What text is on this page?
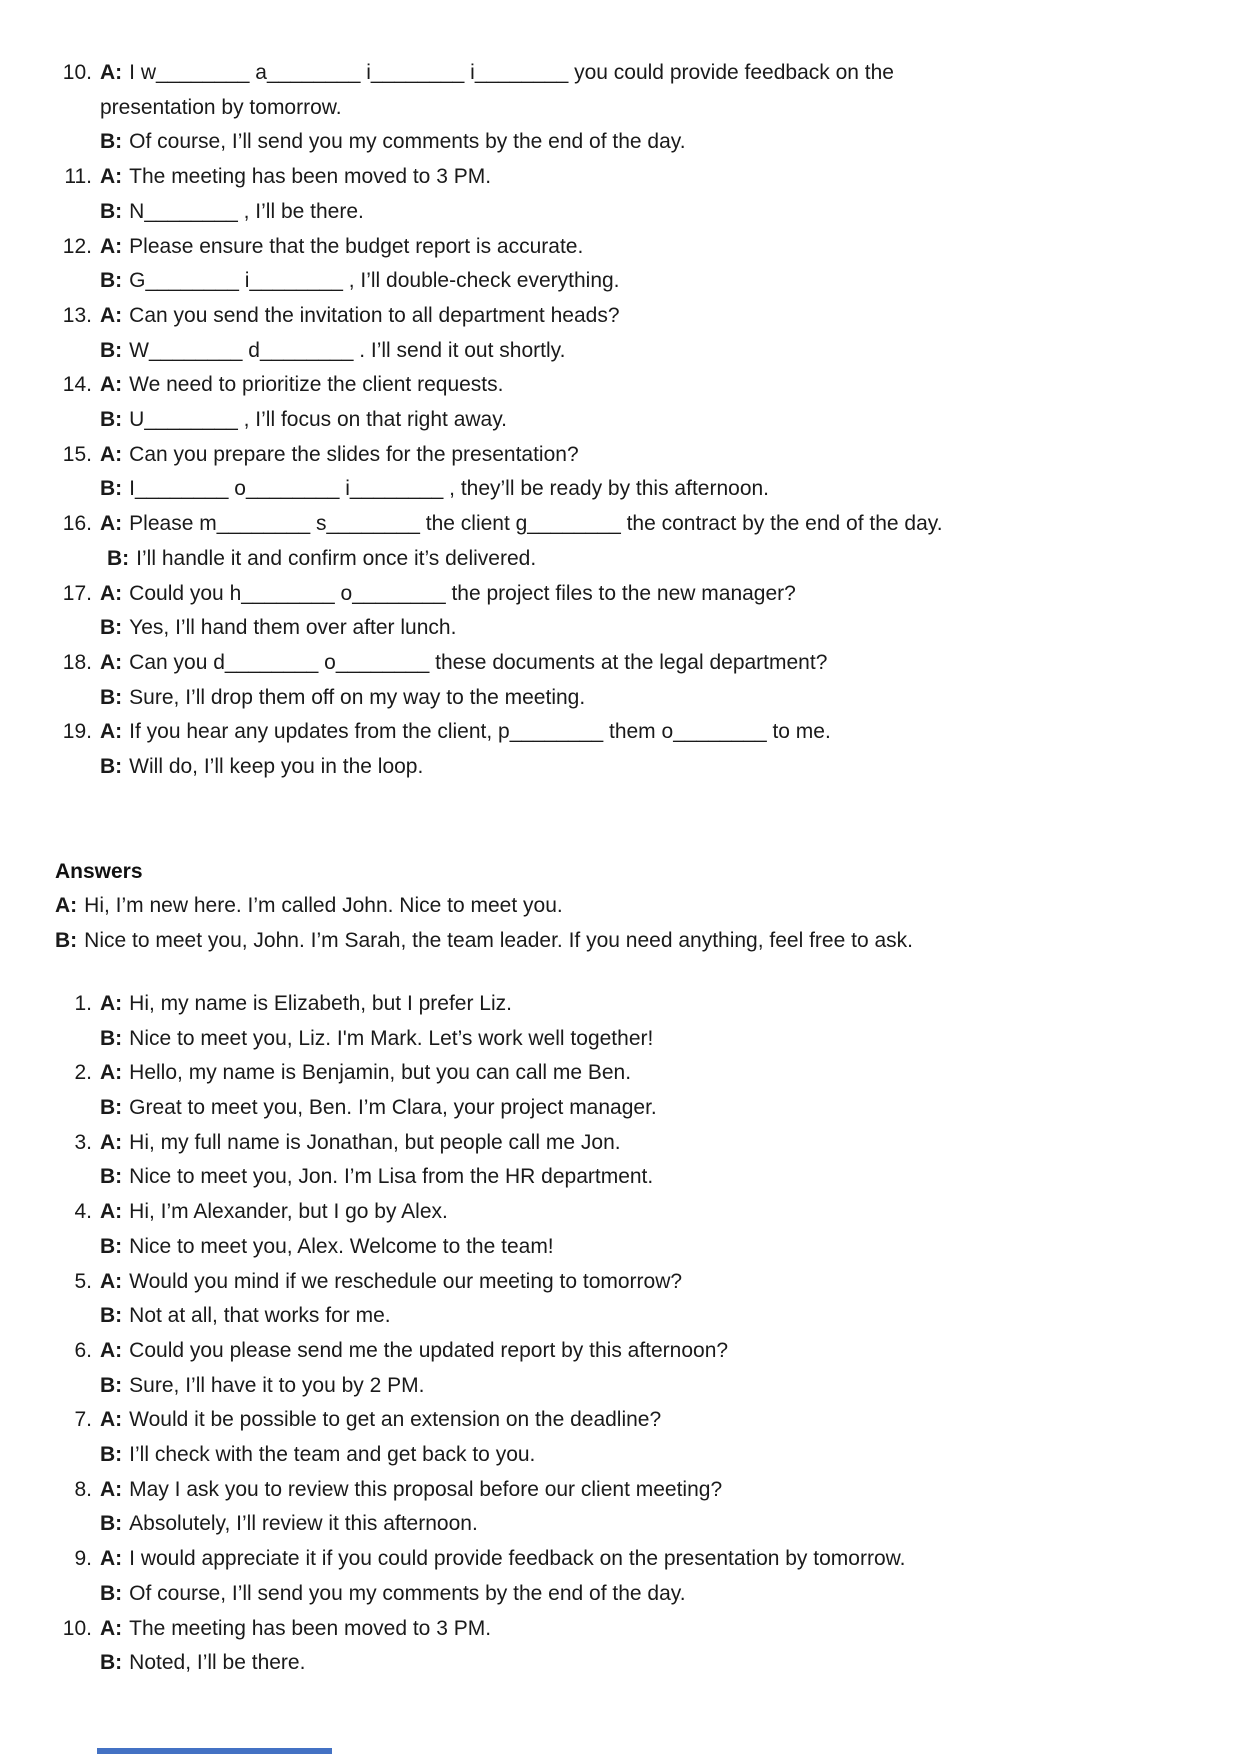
10. A: I w________ a________ i________ i________ you could provide feedback on the
presentation by tomorrow.
B: Of course, I’ll send you my comments by the end of the day.
11. A: The meeting has been moved to 3 PM.
B: N________ , I’ll be there.
12. A: Please ensure that the budget report is accurate.
B: G________ i________ , I’ll double-check everything.
13. A: Can you send the invitation to all department heads?
B: W________ d________ . I’ll send it out shortly.
14. A: We need to prioritize the client requests.
B: U________ , I’ll focus on that right away.
15. A: Can you prepare the slides for the presentation?
B: I________ o________ i________ , they’ll be ready by this afternoon.
16. A: Please m________ s________ the client g________ the contract by the end of the day.
B: I’ll handle it and confirm once it’s delivered.
17. A: Could you h________ o________ the project files to the new manager?
B: Yes, I’ll hand them over after lunch.
18. A: Can you d________ o________ these documents at the legal department?
B: Sure, I’ll drop them off on my way to the meeting.
19. A: If you hear any updates from the client, p________ them o________ to me.
B: Will do, I’ll keep you in the loop.
Answers
A: Hi, I’m new here. I’m called John. Nice to meet you.
B: Nice to meet you, John. I’m Sarah, the team leader. If you need anything, feel free to ask.
1. A: Hi, my name is Elizabeth, but I prefer Liz.
B: Nice to meet you, Liz. I'm Mark. Let’s work well together!
2. A: Hello, my name is Benjamin, but you can call me Ben.
B: Great to meet you, Ben. I’m Clara, your project manager.
3. A: Hi, my full name is Jonathan, but people call me Jon.
B: Nice to meet you, Jon. I’m Lisa from the HR department.
4. A: Hi, I’m Alexander, but I go by Alex.
B: Nice to meet you, Alex. Welcome to the team!
5. A: Would you mind if we reschedule our meeting to tomorrow?
B: Not at all, that works for me.
6. A: Could you please send me the updated report by this afternoon?
B: Sure, I’ll have it to you by 2 PM.
7. A: Would it be possible to get an extension on the deadline?
B: I’ll check with the team and get back to you.
8. A: May I ask you to review this proposal before our client meeting?
B: Absolutely, I’ll review it this afternoon.
9. A: I would appreciate it if you could provide feedback on the presentation by tomorrow.
B: Of course, I’ll send you my comments by the end of the day.
10. A: The meeting has been moved to 3 PM.
B: Noted, I’ll be there.
